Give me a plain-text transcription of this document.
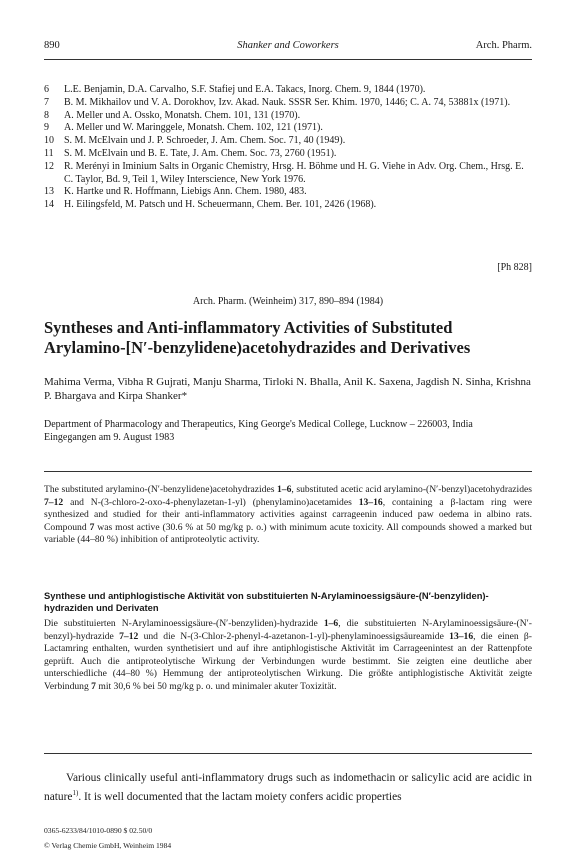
890	Shanker and Coworkers	Arch. Pharm.
6 L.E. Benjamin, D.A. Carvalho, S.F. Stafiej und E.A. Takacs, Inorg. Chem. 9, 1844 (1970).
7 B. M. Mikhailov und V. A. Dorokhov, Izv. Akad. Nauk. SSSR Ser. Khim. 1970, 1446; C. A. 74, 53881x (1971).
8 A. Meller und A. Ossko, Monatsh. Chem. 101, 131 (1970).
9 A. Meller und W. Maringgele, Monatsh. Chem. 102, 121 (1971).
10 S. M. McElvain und J. P. Schroeder, J. Am. Chem. Soc. 71, 40 (1949).
11 S. M. McElvain und B. E. Tate, J. Am. Chem. Soc. 73, 2760 (1951).
12 R. Merényi in Iminium Salts in Organic Chemistry, Hrsg. H. Böhme und H. G. Viehe in Adv. Org. Chem., Hrsg. E. C. Taylor, Bd. 9, Teil 1, Wiley Interscience, New York 1976.
13 K. Hartke und R. Hoffmann, Liebigs Ann. Chem. 1980, 483.
14 H. Eilingsfeld, M. Patsch und H. Scheuermann, Chem. Ber. 101, 2426 (1968).
[Ph 828]
Arch. Pharm. (Weinheim) 317, 890–894 (1984)
Syntheses and Anti-inflammatory Activities of Substituted Arylamino-[N′-benzylidene)acetohydrazides and Derivatives
Mahima Verma, Vibha R Gujrati, Manju Sharma, Tirloki N. Bhalla, Anil K. Saxena, Jagdish N. Sinha, Krishna P. Bhargava and Kirpa Shanker*
Department of Pharmacology and Therapeutics, King George's Medical College, Lucknow – 226003, India
Eingegangen am 9. August 1983
The substituted arylamino-(N′-benzylidene)acetohydrazides 1–6, substituted acetic acid arylamino-(N′-benzyl)acetohydrazides 7–12 and N-(3-chloro-2-oxo-4-phenylazetan-1-yl) (phenylamino)acetamides 13–16, containing a β-lactam ring were synthesized and studied for their anti-inflammatory activities against carrageenin induced paw oedema in albino rats. Compound 7 was most active (30.6 % at 50 mg/kg p. o.) with minimum acute toxicity. All compounds showed a marked but variable (44–80 %) inhibition of antiproteolytic activity.
Synthese und antiphlogistische Aktivität von substituierten N-Arylaminoessigsäure-(N′-benzyliden)-hydraziden und Derivaten
Die substituierten N-Arylaminoessigsäure-(N′-benzyliden)-hydrazide 1–6, die substituierten N-Arylaminoessigsäure-(N′-benzyl)-hydrazide 7–12 und die N-(3-Chlor-2-phenyl-4-azetanon-1-yl)-phenylaminoessigsäureamide 13–16, die einen β-Lactamring enthalten, wurden synthetisiert und auf ihre antiphlogistische Aktivität im Carrageenintest an der Rattenpfote geprüft. Auch die antiproteolytische Wirkung der Verbindungen wurde bestimmt. Sie zeigten eine deutliche aber unterschiedliche (44–80 %) Hemmung der antiproteolytischen Wirkung. Die größte antiphlogistische Aktivität zeigte Verbindung 7 mit 30,6 % bei 50 mg/kg p. o. und minimaler akuter Toxizität.
Various clinically useful anti-inflammatory drugs such as indomethacin or salicylic acid are acidic in nature$^{1)}$. It is well documented that the lactam moiety confers acidic properties
0365-6233/84/1010-0890 $ 02.50/0
© Verlag Chemie GmbH, Weinheim 1984
